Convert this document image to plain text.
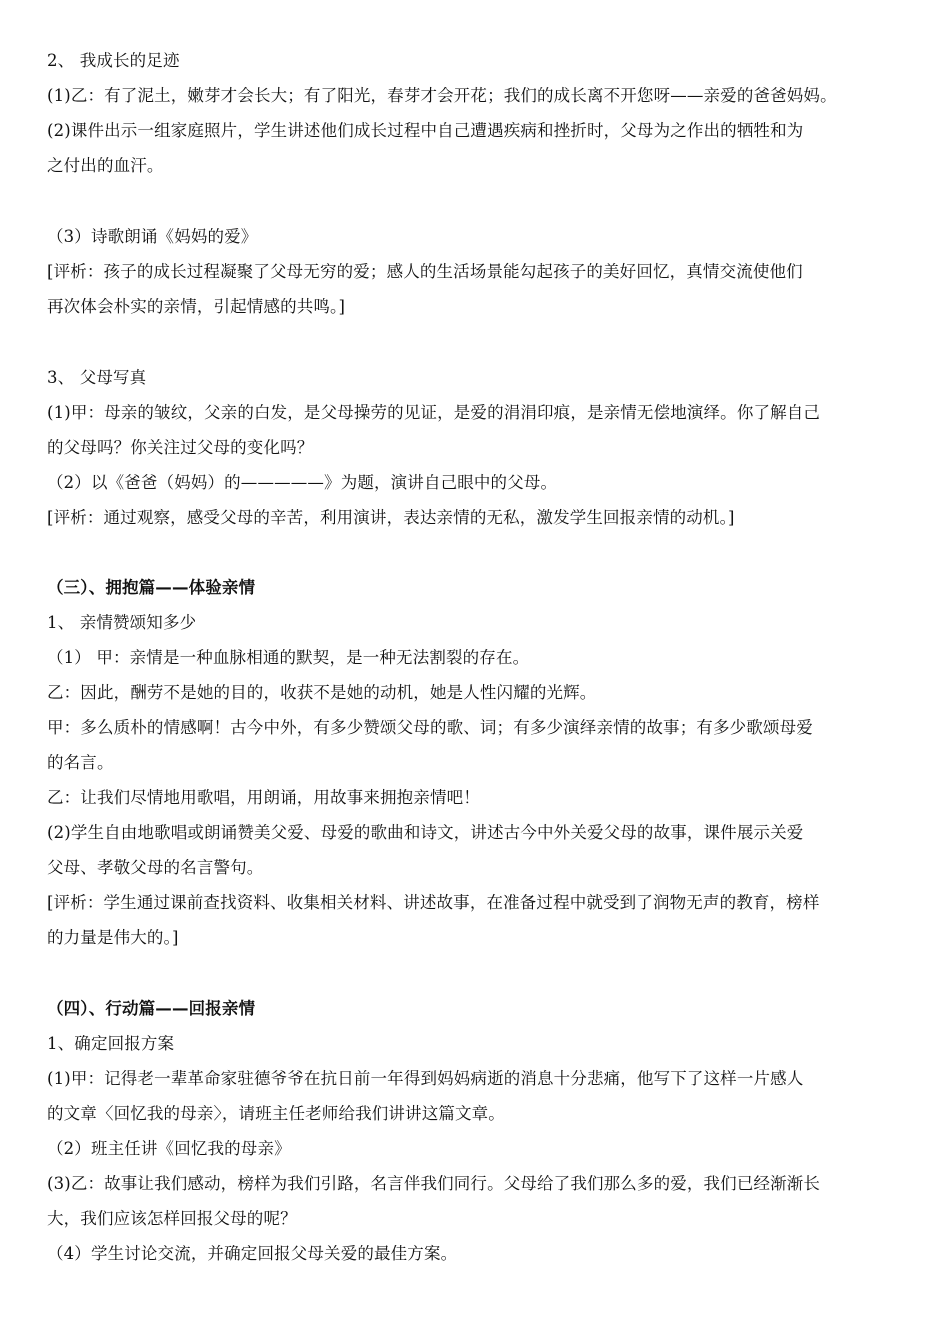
2、 我成长的足迹
(1)乙：有了泥土，嫩芽才会长大；有了阳光，春芽才会开花；我们的成长离不开您呀——亲爱的爸爸妈妈。
(2)课件出示一组家庭照片，学生讲述他们成长过程中自己遭遇疾病和挫折时，父母为之作出的牺牲和为
之付出的血汗。
（3）诗歌朗诵《妈妈的爱》
[评析：孩子的成长过程凝聚了父母无穷的爱；感人的生活场景能勾起孩子的美好回忆，真情交流使他们
再次体会朴实的亲情，引起情感的共鸣。]
3、 父母写真
(1)甲：母亲的皱纹，父亲的白发，是父母操劳的见证，是爱的涓涓印痕，是亲情无偿地演绎。你了解自己
的父母吗？你关注过父母的变化吗？
（2）以《爸爸（妈妈）的—————》为题，演讲自己眼中的父母。
[评析：通过观察，感受父母的辛苦，利用演讲，表达亲情的无私，激发学生回报亲情的动机。]
（三）、拥抱篇——体验亲情
1、 亲情赞颂知多少
（1） 甲：亲情是一种血脉相通的默契，是一种无法割裂的存在。
乙：因此，酬劳不是她的目的，收获不是她的动机，她是人性闪耀的光辉。
甲：多么质朴的情感啊！古今中外，有多少赞颂父母的歌、词；有多少演绎亲情的故事；有多少歌颂母爱
的名言。
乙：让我们尽情地用歌唱，用朗诵，用故事来拥抱亲情吧！
(2)学生自由地歌唱或朗诵赞美父爱、母爱的歌曲和诗文，讲述古今中外关爱父母的故事，课件展示关爱
父母、孝敬父母的名言警句。
[评析：学生通过课前查找资料、收集相关材料、讲述故事，在准备过程中就受到了润物无声的教育，榜样
的力量是伟大的。]
（四）、行动篇——回报亲情
1、确定回报方案
(1)甲：记得老一辈革命家驻德爷爷在抗日前一年得到妈妈病逝的消息十分悲痛，他写下了这样一片感人
的文章〈回忆我的母亲〉，请班主任老师给我们讲讲这篇文章。
（2）班主任讲《回忆我的母亲》
(3)乙：故事让我们感动，榜样为我们引路，名言伴我们同行。父母给了我们那么多的爱，我们已经渐渐长
大，我们应该怎样回报父母的呢？
（4）学生讨论交流，并确定回报父母关爱的最佳方案。
